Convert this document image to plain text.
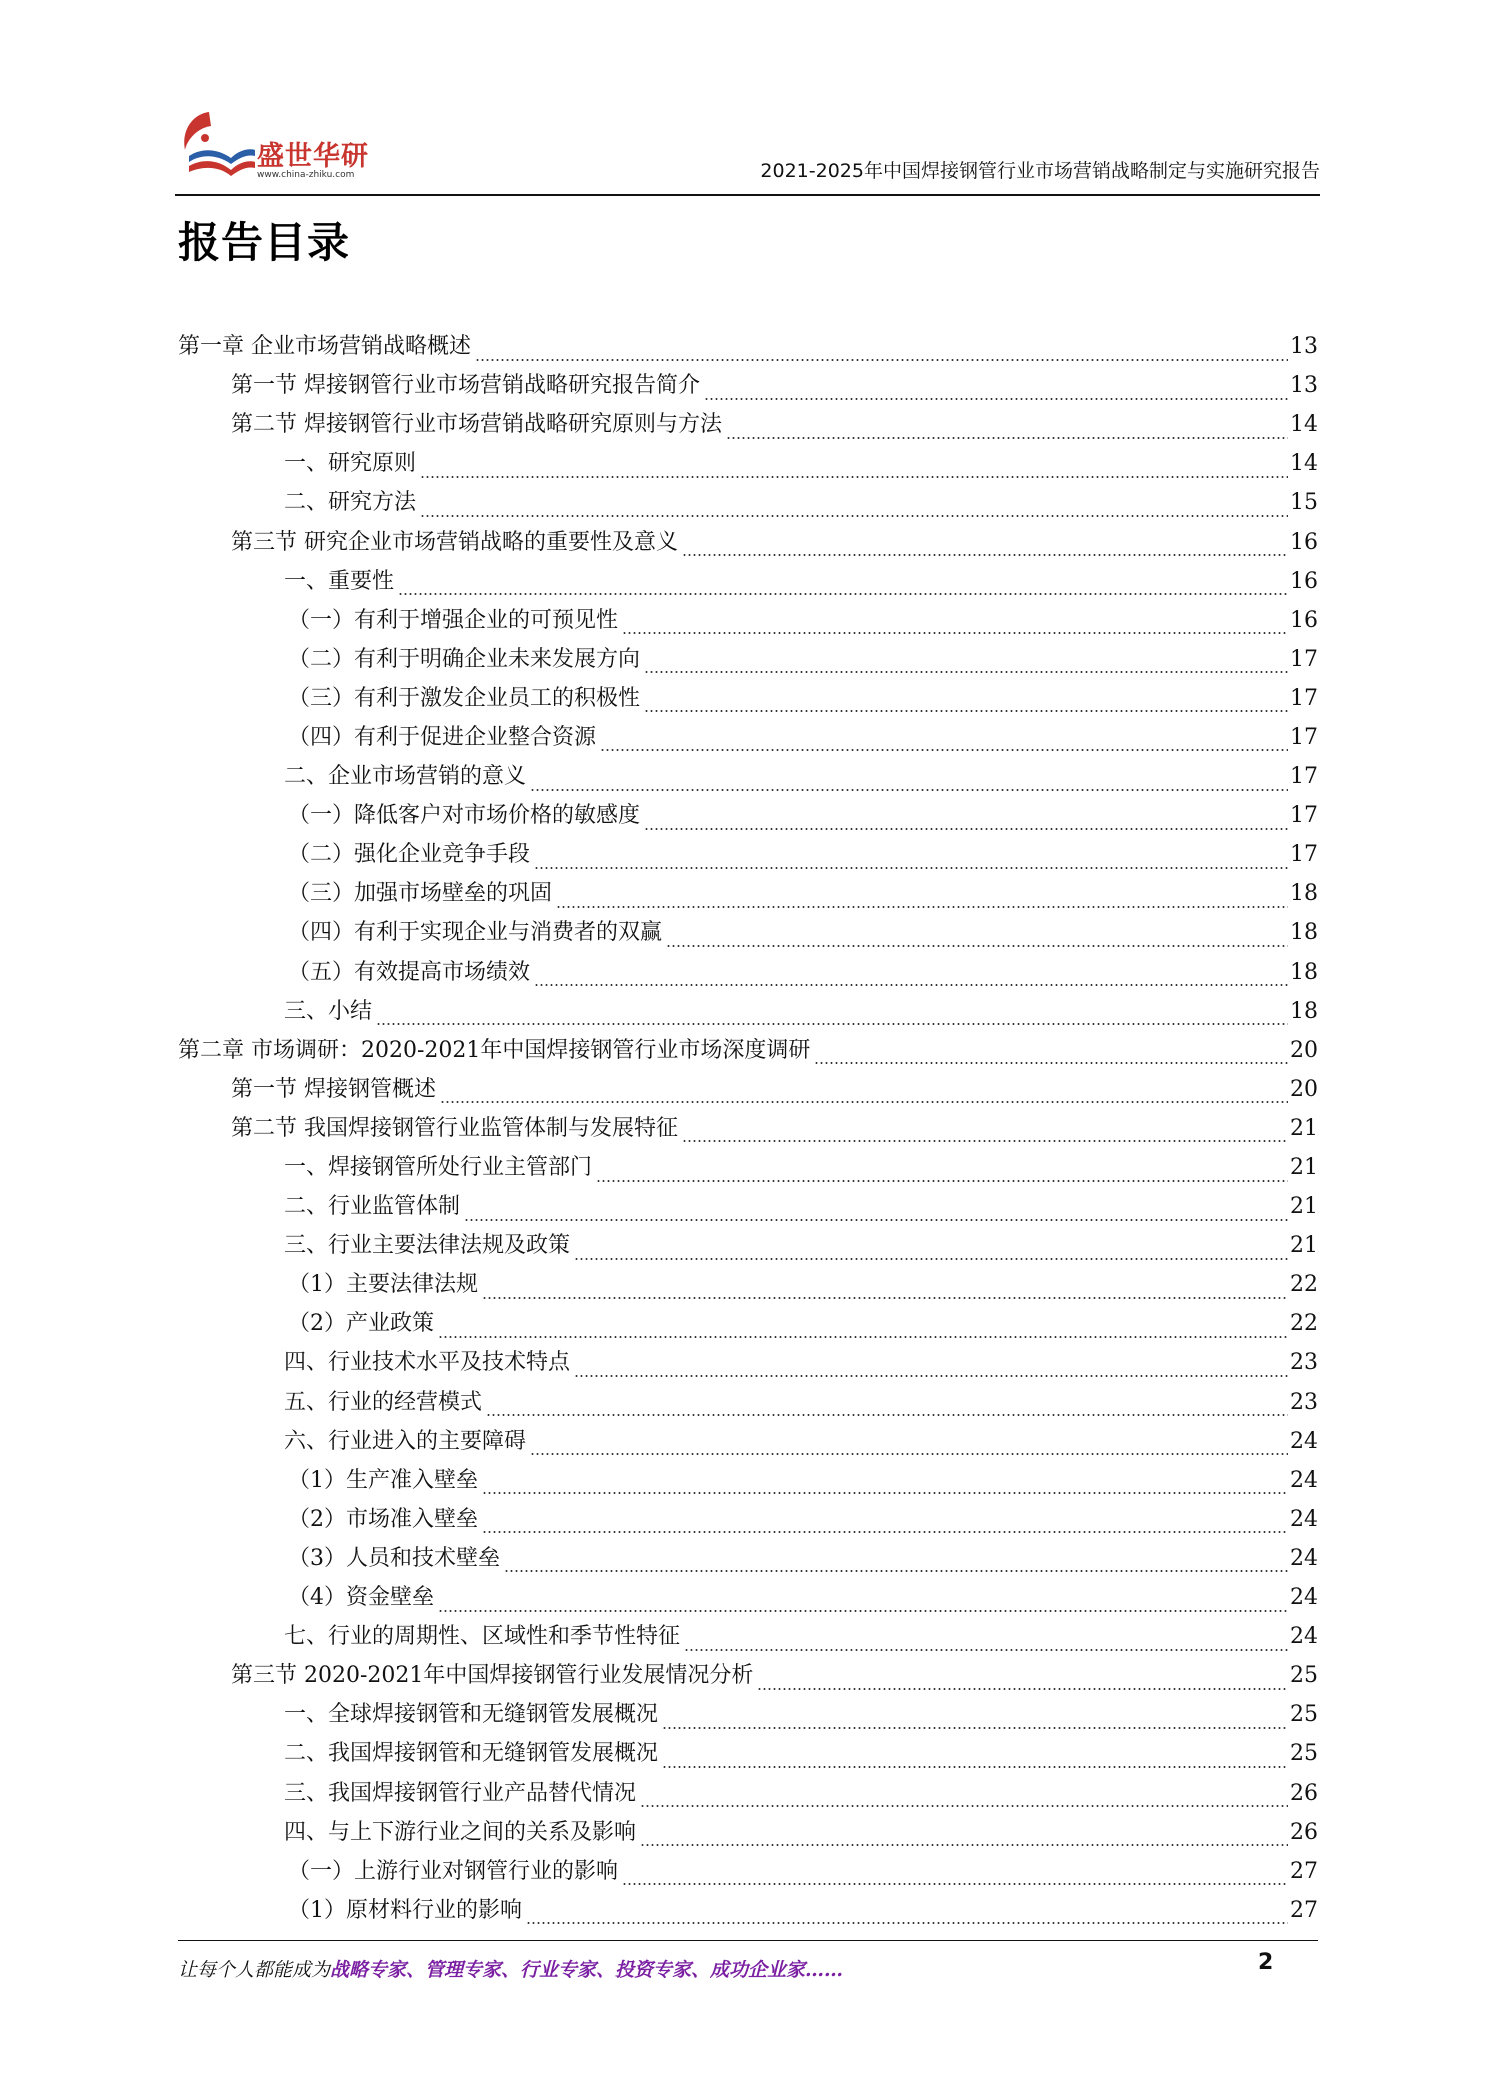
盛世华研
www.china-zhiku.com	2021-2025年中国焊接钢管行业市场营销战略制定与实施研究报告
报告目录
第一章 企业市场营销战略概述	13
第一节 焊接钢管行业市场营销战略研究报告简介	13
第二节 焊接钢管行业市场营销战略研究原则与方法	14
一、研究原则	14
二、研究方法	15
第三节 研究企业市场营销战略的重要性及意义	16
一、重要性	16
（一）有利于增强企业的可预见性	16
（二）有利于明确企业未来发展方向	17
（三）有利于激发企业员工的积极性	17
（四）有利于促进企业整合资源	17
二、企业市场营销的意义	17
（一）降低客户对市场价格的敏感度	17
（二）强化企业竞争手段	17
（三）加强市场壁垒的巩固	18
（四）有利于实现企业与消费者的双赢	18
（五）有效提高市场绩效	18
三、小结	18
第二章 市场调研：2020-2021年中国焊接钢管行业市场深度调研	20
第一节 焊接钢管概述	20
第二节 我国焊接钢管行业监管体制与发展特征	21
一、焊接钢管所处行业主管部门	21
二、行业监管体制	21
三、行业主要法律法规及政策	21
（1）主要法律法规	22
（2）产业政策	22
四、行业技术水平及技术特点	23
五、行业的经营模式	23
六、行业进入的主要障碍	24
（1）生产准入壁垒	24
（2）市场准入壁垒	24
（3）人员和技术壁垒	24
（4）资金壁垒	24
七、行业的周期性、区域性和季节性特征	24
第三节 2020-2021年中国焊接钢管行业发展情况分析	25
一、全球焊接钢管和无缝钢管发展概况	25
二、我国焊接钢管和无缝钢管发展概况	25
三、我国焊接钢管行业产品替代情况	26
四、与上下游行业之间的关系及影响	26
（一）上游行业对钢管行业的影响	27
（1）原材料行业的影响	27
让每个人都能成为战略专家、管理专家、行业专家、投资专家、成功企业家……	2
